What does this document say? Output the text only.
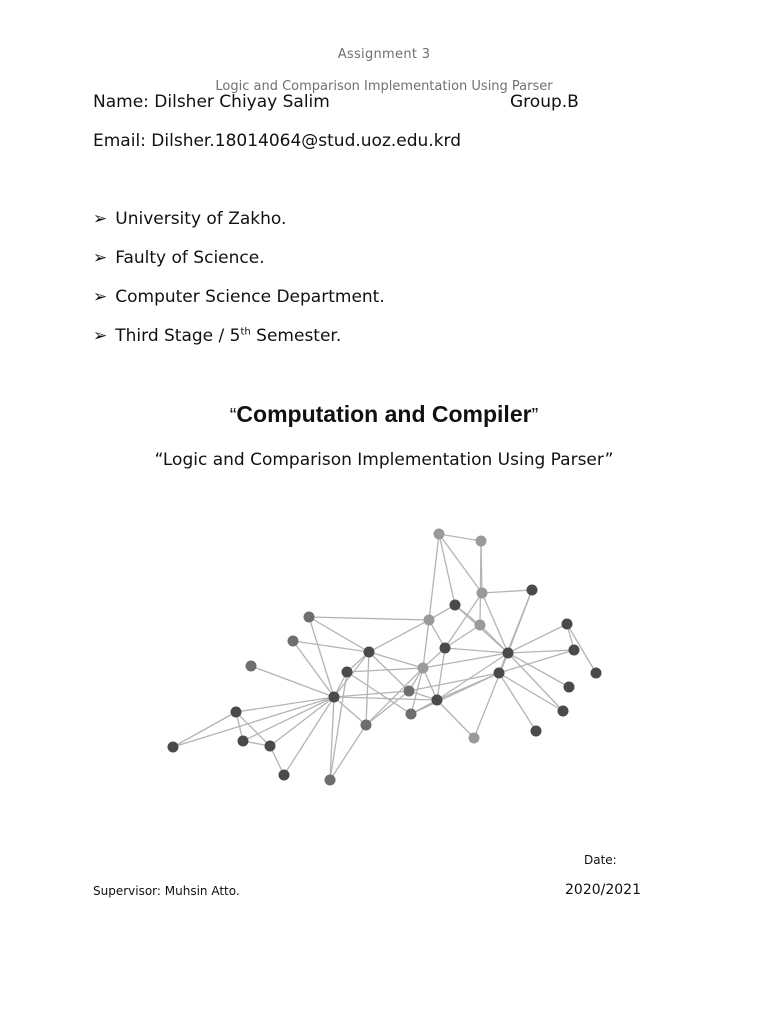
Assignment 3
Logic and Comparison Implementation Using Parser
Name: Dilsher Chiyay Salim	Group.B
Email: Dilsher.18014064@stud.uoz.edu.krd
➢ University of Zakho.
➢ Faulty of Science.
➢ Computer Science Department.
➢ Third Stage / 5th Semester.
“Computation and Compiler”
“Logic and Comparison Implementation Using Parser”
Date:
Supervisor: Muhsin Atto.	2020/2021
